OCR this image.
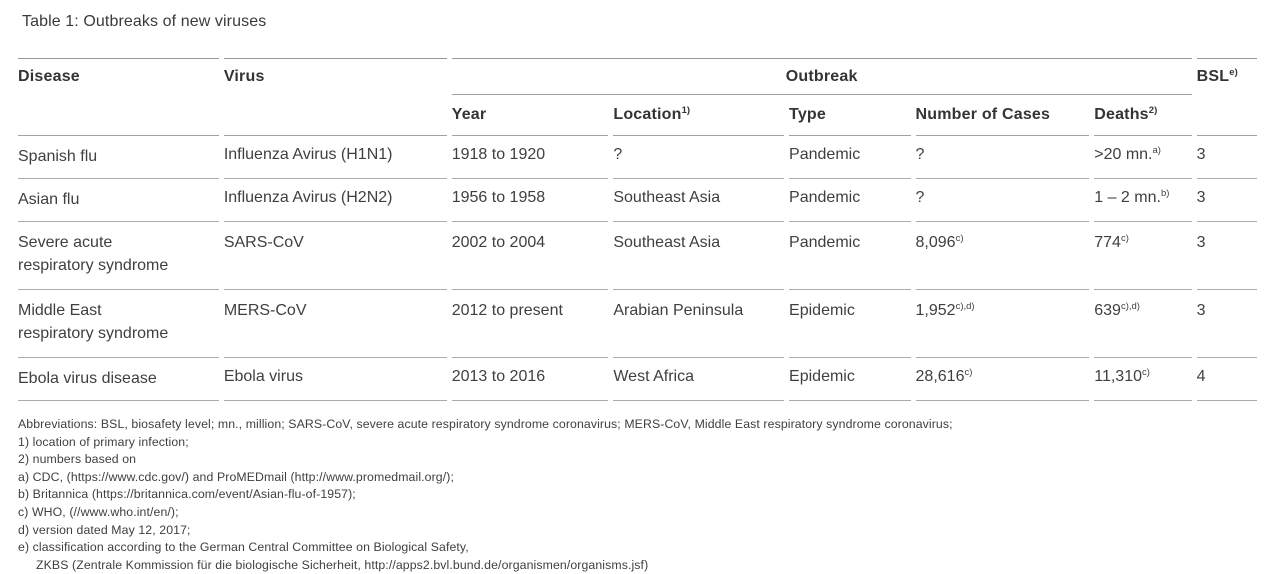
Table 1: Outbreaks of new viruses
Disease	Virus	Outbreak					BSL$^{e)}$
		Year	Location$^{1)}$	Type	Number of Cases	Deaths$^{2)}$
Spanish flu	Influenza Avirus (H1N1)	1918 to 1920	?	Pandemic	?	>20 mn.$^{a)}$	3
Asian flu	Influenza Avirus (H2N2)	1956 to 1958	Southeast Asia	Pandemic	?	1 – 2 mn.$^{b)}$	3
Severe acute respiratory syndrome	SARS-CoV	2002 to 2004	Southeast Asia	Pandemic	8,096$^{c)}$	774$^{c)}$	3
Middle East respiratory syndrome	MERS-CoV	2012 to present	Arabian Peninsula	Epidemic	1,952$^{c),d)}$	639$^{c),d)}$	3
Ebola virus disease	Ebola virus	2013 to 2016	West Africa	Epidemic	28,616$^{c)}$	11,310$^{c)}$	4
Abbreviations: BSL, biosafety level; mn., million; SARS-CoV, severe acute respiratory syndrome coronavirus; MERS-CoV, Middle East respiratory syndrome coronavirus;
1) location of primary infection;
2) numbers based on
a) CDC, (https://www.cdc.gov/) and ProMEDmail (http://www.promedmail.org/);
b) Britannica (https://britannica.com/event/Asian-flu-of-1957);
c) WHO, (//www.who.int/en/);
d) version dated May 12, 2017;
e) classification according to the German Central Committee on Biological Safety,
ZKBS (Zentrale Kommission für die biologische Sicherheit, http://apps2.bvl.bund.de/organismen/organisms.jsf)
